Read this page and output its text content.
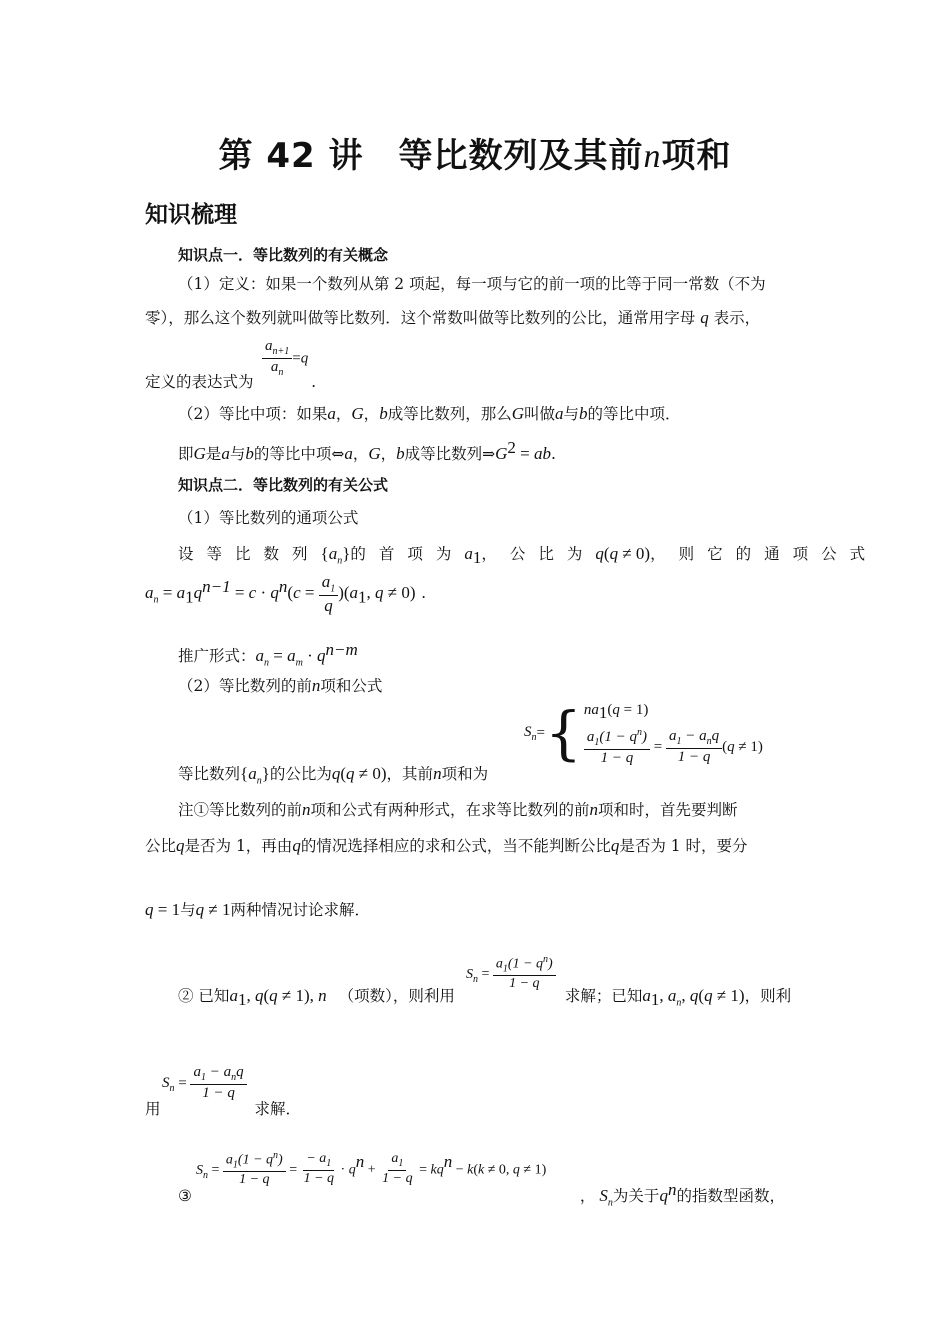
第 42 讲　等比数列及其前n项和
知识梳理
知识点一．等比数列的有关概念
（1）定义：如果一个数列从第 2 项起，每一项与它的前一项的比等于同一常数（不为
零），那么这个数列就叫做等比数列．这个常数叫做等比数列的公比，通常用字母 q 表示，
$\frac{a_{n+1}}{a_n} =q$
定义的表达式为	.
（2）等比中项：如果a，G，b成等比数列，那么G叫做a与b的等比中项．
即G是a与b的等比中项⇔a，G，b成等比数列$\Rightarrow G^2$ = ab.
知识点二．等比数列的有关公式
（1）等比数列的通项公式
设等比数列$\{a_n\}$的首项为$a_1$，公比为q(q ≠ 0)，则它的通项公式
$a_n = a_1q^{n-1} = c \cdot q^n(c = \frac{a_1}{q} )(a_1$, q ≠ 0) .
推广形式：$a_n = a_m \cdot q^{n-m}$
（2）等比数列的前n项和公式
$S_n$ = { $na_1(q = 1)$
$\frac{a_1(1 - q^n)}{1 - q} = \frac{a_1 - a_nq}{1 - q} (q \ne 1)$
等比数列$\{a_n\}$的公比为q(q ≠ 0)，其前n项和为
注①等比数列的前n项和公式有两种形式，在求等比数列的前n项和时，首先要判断
公比q是否为 1，再由q的情况选择相应的求和公式，当不能判断公比q是否为 1 时，要分
q = 1与q ≠ 1两种情况讨论求解．
$S_n = \frac{a_1(1 - q^n)}{1 - q}$
② 已知$a_1$, q(q ≠ 1), n （项数），则利用	求解；已知$a_1$, $a_n$, q(q ≠ 1)，则利
$S_n = \frac{a_1 - a_nq}{1 - q}$
用	求解．
$S_n = \frac{a_1(1 - q^n)}{1 - q} = \frac{- a_1}{1 - q} \cdot q^n + \frac{a_1}{1 - q} = kq^n - k(k \ne 0$, q ≠ 1)
③	， $S_n$为关于$q^n$的指数型函数，
